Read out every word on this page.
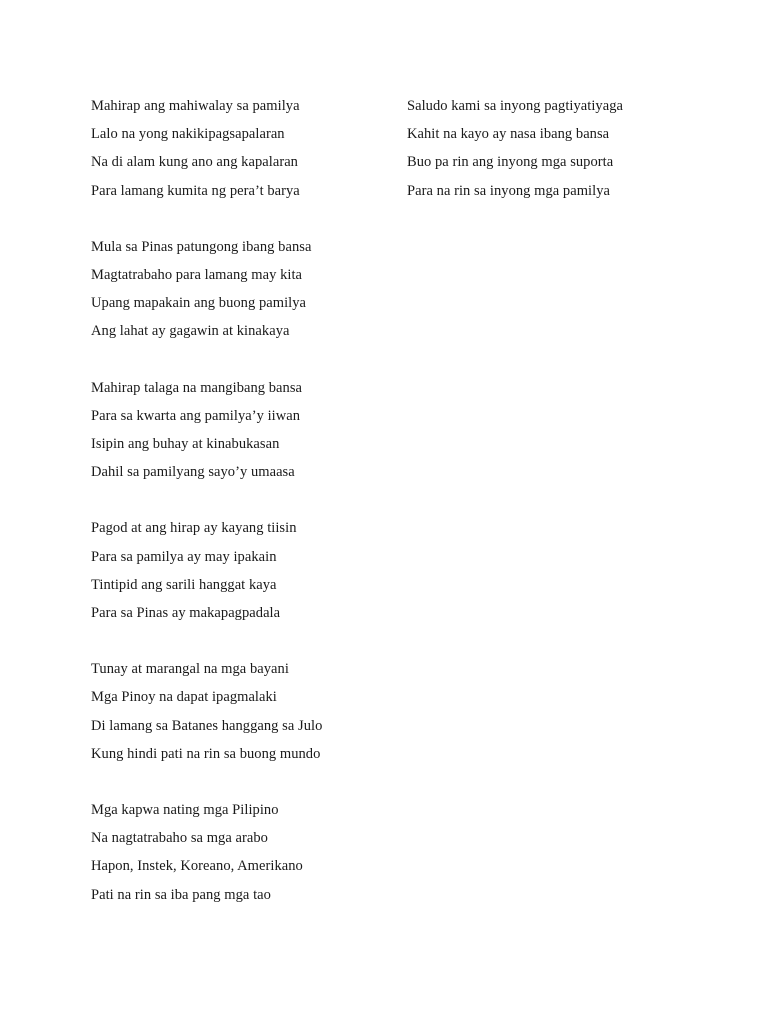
Mahirap ang mahiwalay sa pamilya
Lalo na yong nakikipagsapalaran
Na di alam kung ano ang kapalaran
Para lamang kumita ng pera’t barya
Mula sa Pinas patungong ibang bansa
Magtatrabaho para lamang may kita
Upang mapakain ang buong pamilya
Ang lahat ay gagawin at kinakaya
Mahirap talaga na mangibang bansa
Para sa kwarta ang pamilya’y iiwan
Isipin ang buhay at kinabukasan
Dahil sa pamilyang sayo’y umaasa
Pagod at ang hirap ay kayang tiisin
Para sa pamilya ay may ipakain
Tintipid ang sarili hanggat kaya
Para sa Pinas ay makapagpadala
Tunay at marangal na mga bayani
Mga Pinoy na dapat ipagmalaki
Di lamang sa Batanes hanggang sa Julo
Kung hindi pati na rin sa buong mundo
Mga kapwa nating mga Pilipino
Na nagtatrabaho sa mga arabo
Hapon, Instek, Koreano, Amerikano
Pati na rin sa iba pang mga tao
Saludo kami sa inyong pagtiyatiyaga
Kahit na kayo ay nasa ibang bansa
Buo pa rin ang inyong mga suporta
Para na rin sa inyong mga pamilya
